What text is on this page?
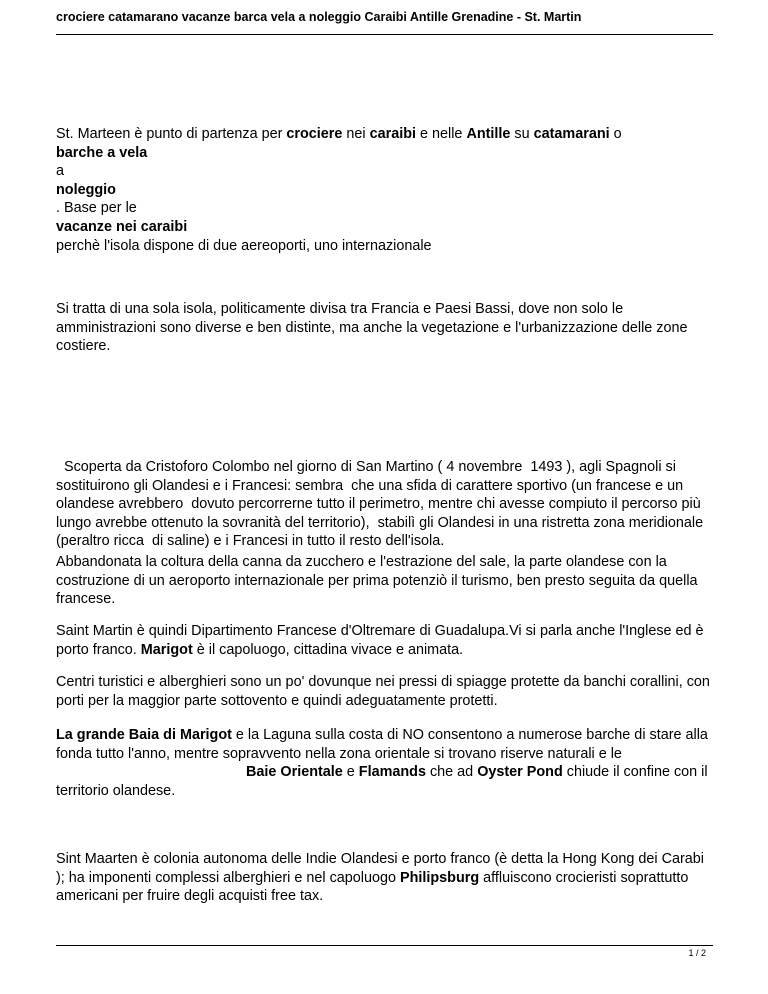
crociere catamarano vacanze barca vela a noleggio Caraibi Antille Grenadine - St. Martin
St. Marteen è punto di partenza per crociere nei caraibi e nelle Antille su catamarani o
barche a vela
a
noleggio
. Base per le
vacanze nei caraibi
perchè l'isola dispone di due aereoporti, uno internazionale
Si tratta di una sola isola, politicamente divisa tra Francia e Paesi Bassi, dove non solo le amministrazioni sono diverse e ben distinte, ma anche la vegetazione e l'urbanizzazione delle zone costiere.
Scoperta da Cristoforo Colombo nel giorno di San Martino ( 4 novembre  1493 ), agli Spagnoli si sostituirono gli Olandesi e i Francesi: sembra  che una sfida di carattere sportivo (un francese e un olandese avrebbero  dovuto percorrerne tutto il perimetro, mentre chi avesse compiuto il percorso più lungo avrebbe ottenuto la sovranità del territorio),  stabilì gli Olandesi in una ristretta zona meridionale (peraltro ricca  di saline) e i Francesi in tutto il resto dell'isola.
Abbandonata la coltura della canna da zucchero e l'estrazione del sale, la parte olandese con la costruzione di un aeroporto internazionale per prima potenziò il turismo, ben presto seguita da quella francese.
Saint Martin è quindi Dipartimento Francese d'Oltremare di Guadalupa.Vi si parla anche l'Inglese ed è porto franco. Marigot è il capoluogo, cittadina vivace e animata.
Centri turistici e alberghieri sono un po' dovunque nei pressi di spiagge protette da banchi corallini, con porti per la maggior parte sottovento e quindi adeguatamente protetti.
La grande Baia di Marigot e la Laguna sulla costa di NO consentono a numerose barche di stare alla fonda tutto l'anno, mentre sopravvento nella zona orientale si trovano riserve naturali e leBaie Orientale e Flamands che ad Oyster Pond chiude il confine con il territorio olandese.
Sint Maarten è colonia autonoma delle Indie Olandesi e porto franco (è detta la Hong Kong dei Carabi ); ha imponenti complessi alberghieri e nel capoluogo Philipsburg affluiscono crocieristi soprattutto americani per fruire degli acquisti free tax.
1 / 2
